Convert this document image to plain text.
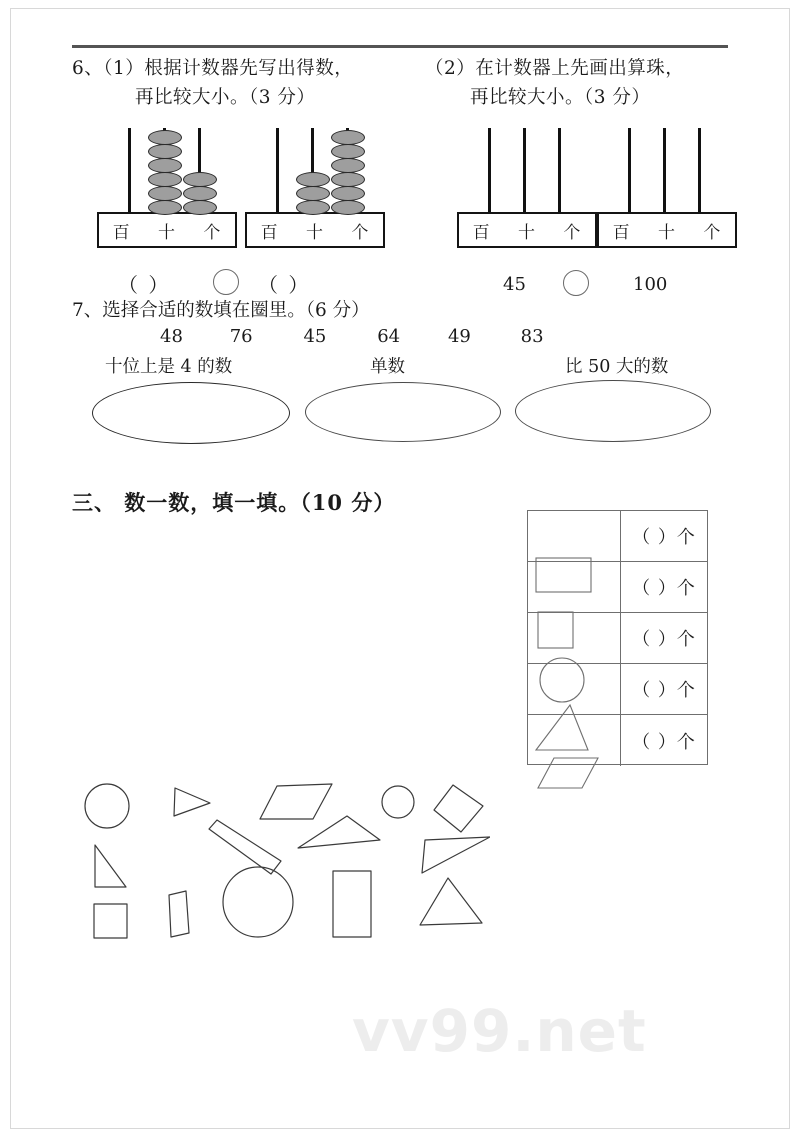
6、（1）根据计数器先写出得数，
再比较大小。（3 分）
（2）在计数器上先画出算珠，
再比较大小。（3 分）
百 十 个 百 十 个
（ ）	（ ）
百 十 个 百 十 个
45	100
7、选择合适的数填在圈里。（6 分）
48	76	45	64	49	83
十位上是 4 的数	单数	比 50 大的数
三、 数一数，填一填。（10 分）
（ ）个
（ ）个
（ ）个
（ ）个
（ ）个
vv99.net
